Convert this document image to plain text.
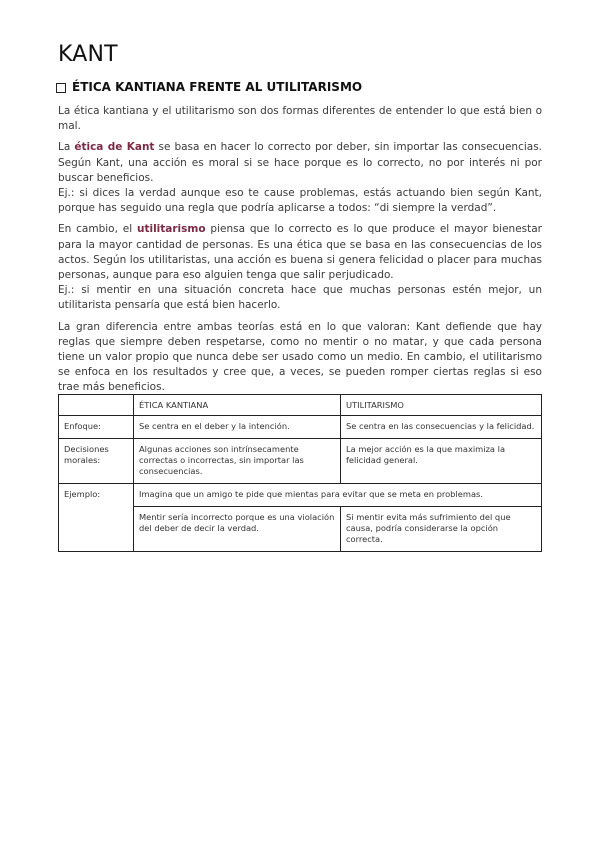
KANT
ÉTICA KANTIANA FRENTE AL UTILITARISMO

La ética kantiana y el utilitarismo son dos formas diferentes de entender lo que está bien o mal.

La ética de Kant se basa en hacer lo correcto por deber, sin importar las consecuencias. Según Kant, una acción es moral si se hace porque es lo correcto, no por interés ni por buscar beneficios.
Ej.: si dices la verdad aunque eso te cause problemas, estás actuando bien según Kant, porque has seguido una regla que podría aplicarse a todos: “di siempre la verdad”.

En cambio, el utilitarismo piensa que lo correcto es lo que produce el mayor bienestar para la mayor cantidad de personas. Es una ética que se basa en las consecuencias de los actos. Según los utilitaristas, una acción es buena si genera felicidad o placer para muchas personas, aunque para eso alguien tenga que salir perjudicado.
Ej.: si mentir en una situación concreta hace que muchas personas estén mejor, un utilitarista pensaría que está bien hacerlo.

La gran diferencia entre ambas teorías está en lo que valoran: Kant defiende que hay reglas que siempre deben respetarse, como no mentir o no matar, y que cada persona tiene un valor propio que nunca debe ser usado como un medio. En cambio, el utilitarismo se enfoca en los resultados y cree que, a veces, se pueden romper ciertas reglas si eso trae más beneficios.

	ÉTICA KANTIANA	UTILITARISMO
Enfoque:	Se centra en el deber y la intención.	Se centra en las consecuencias y la felicidad.
Decisiones morales:	Algunas acciones son intrínsecamente correctas o incorrectas, sin importar las consecuencias.	La mejor acción es la que maximiza la felicidad general.
Ejemplo:	Imagina que un amigo te pide que mientas para evitar que se meta en problemas.	
	Mentir sería incorrecto porque es una violación del deber de decir la verdad.	Si mentir evita más sufrimiento del que causa, podría considerarse la opción correcta.
